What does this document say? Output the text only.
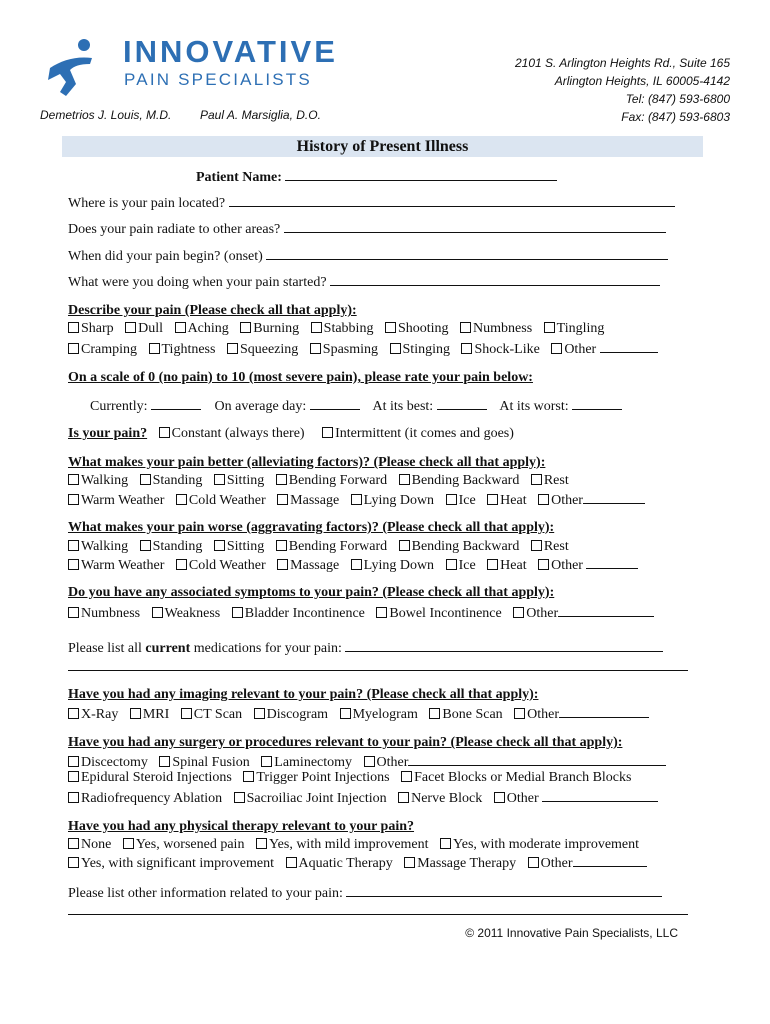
INNOVATIVE
PAIN SPECIALISTS
Demetrios J. Louis, M.D. Paul A. Marsiglia, D.O.
2101 S. Arlington Heights Rd., Suite 165
Arlington Heights, IL 60005-4142
Tel: (847) 593-6800
Fax: (847) 593-6803
History of Present Illness
Patient Name:
Where is your pain located?
Does your pain radiate to other areas?
When did your pain begin? (onset)
What were you doing when your pain started?
Describe your pain (Please check all that apply):
Sharp Dull Aching Burning Stabbing Shooting Numbness Tingling
Cramping Tightness Squeezing Spasming Stinging Shock-Like Other
On a scale of 0 (no pain) to 10 (most severe pain), please rate your pain below:
Currently:	On average day:	At its best:	At its worst:
Is your pain? Constant (always there) Intermittent (it comes and goes)
What makes your pain better (alleviating factors)? (Please check all that apply):
Walking Standing Sitting Bending Forward Bending Backward Rest
Warm Weather Cold Weather Massage Lying Down Ice Heat Other
What makes your pain worse (aggravating factors)? (Please check all that apply):
Walking Standing Sitting Bending Forward Bending Backward Rest
Warm Weather Cold Weather Massage Lying Down Ice Heat Other
Do you have any associated symptoms to your pain? (Please check all that apply):
Numbness Weakness Bladder Incontinence Bowel Incontinence Other
Please list all current medications for your pain:
Have you had any imaging relevant to your pain? (Please check all that apply):
X-Ray MRI CT Scan Discogram Myelogram Bone Scan Other
Have you had any surgery or procedures relevant to your pain? (Please check all that apply):
Discectomy Spinal Fusion Laminectomy Other
Epidural Steroid Injections Trigger Point Injections Facet Blocks or Medial Branch Blocks
Radiofrequency Ablation Sacroiliac Joint Injection Nerve Block Other
Have you had any physical therapy relevant to your pain?
None Yes, worsened pain Yes, with mild improvement Yes, with moderate improvement
Yes, with significant improvement Aquatic Therapy Massage Therapy Other
Please list other information related to your pain:
© 2011 Innovative Pain Specialists, LLC
